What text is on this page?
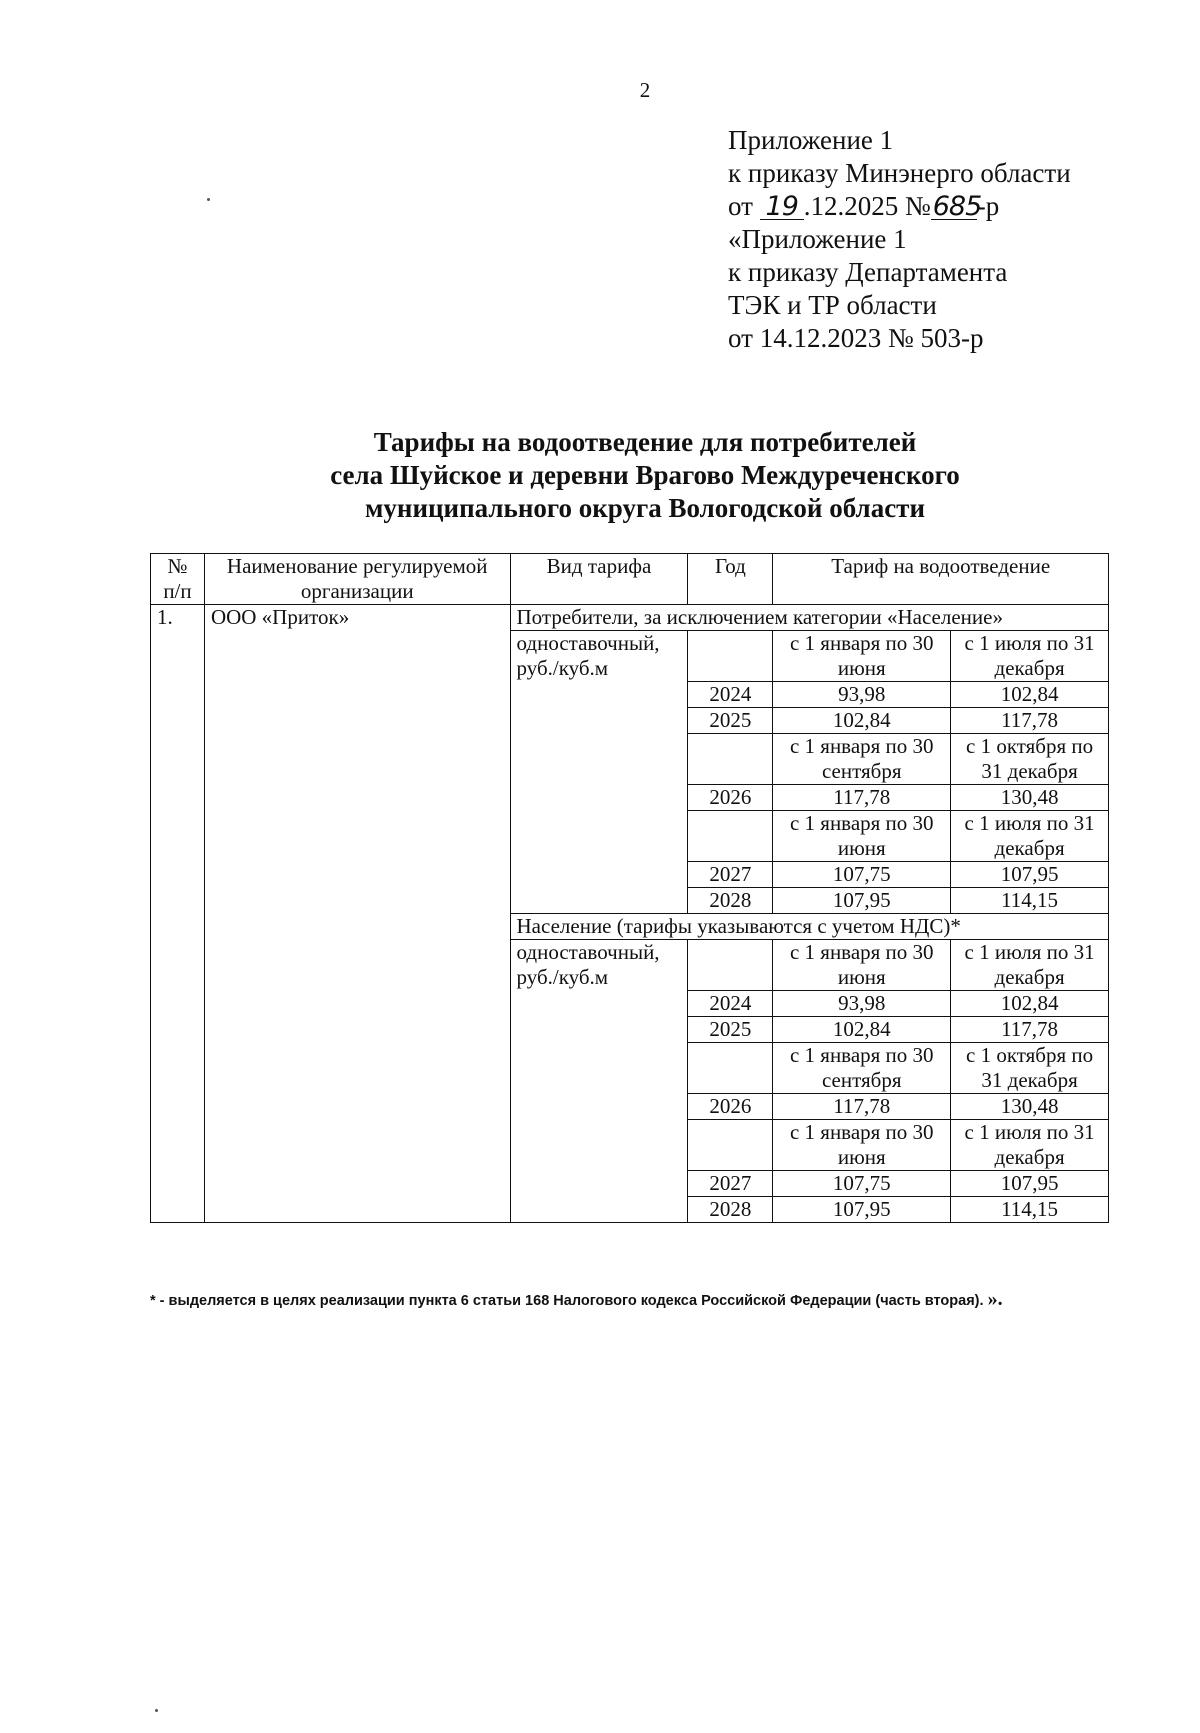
2
Приложение 1
к приказу Минэнерго области
от 19 .12.2025 №685-р
«Приложение 1
к приказу Департамента
ТЭК и ТР области
от 14.12.2023 № 503-р
Тарифы на водоотведение для потребителей
села Шуйское и деревни Врагово Междуреченского
муниципального округа Вологодской области
№ п/п	Наименование регулируемой организации	Вид тарифа	Год	Тариф на водоотведение	
1.	ООО «Приток»	Потребители, за исключением категории «Население»			
		одноставочный, руб./куб.м		с 1 января по 30 июня	с 1 июля по 31 декабря
			2024	93,98	102,84
			2025	102,84	117,78
				с 1 января по 30 сентября	с 1 октября по 31 декабря
			2026	117,78	130,48
				с 1 января по 30 июня	с 1 июля по 31 декабря
			2027	107,75	107,95
			2028	107,95	114,15
		Население (тарифы указываются с учетом НДС)*			
		одноставочный, руб./куб.м		с 1 января по 30 июня	с 1 июля по 31 декабря
			2024	93,98	102,84
			2025	102,84	117,78
				с 1 января по 30 сентября	с 1 октября по 31 декабря
			2026	117,78	130,48
				с 1 января по 30 июня	с 1 июля по 31 декабря
			2027	107,75	107,95
			2028	107,95	114,15
* - выделяется в целях реализации пункта 6 статьи 168 Налогового кодекса Российской Федерации (часть вторая). ».
